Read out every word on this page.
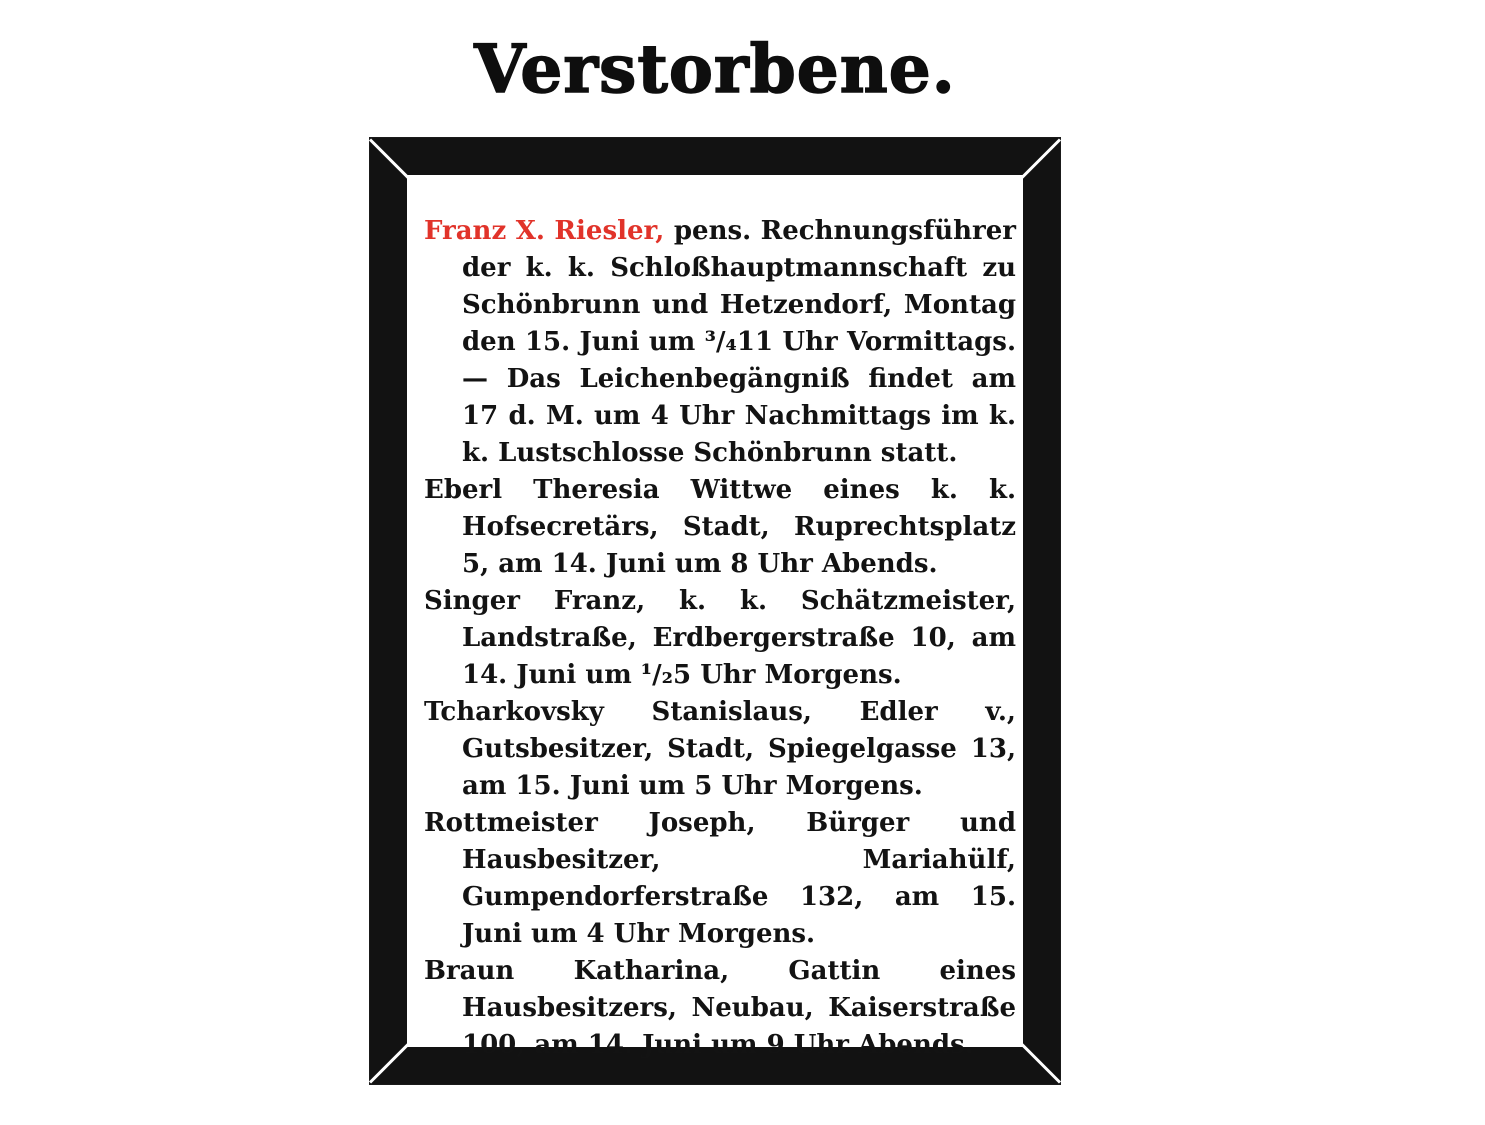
Verstorbene.
Franz X. Riesler, pens. Rechnungsführer der k. k. Schloßhauptmannschaft zu Schönbrunn und Hetzendorf, Montag den 15. Juni um ³/₄11 Uhr Vormittags. — Das Leichenbegängniß findet am 17 d. M. um 4 Uhr Nachmittags im k. k. Lustschlosse Schönbrunn statt.
Eberl Theresia Wittwe eines k. k. Hofsecretärs, Stadt, Ruprechtsplatz 5, am 14. Juni um 8 Uhr Abends.
Singer Franz, k. k. Schätzmeister, Landstraße, Erdbergerstraße 10, am 14. Juni um ¹/₂5 Uhr Morgens.
Tcharkovsky Stanislaus, Edler v., Gutsbesitzer, Stadt, Spiegelgasse 13, am 15. Juni um 5 Uhr Morgens.
Rottmeister Joseph, Bürger und Hausbesitzer, Mariahülf, Gumpendorferstraße 132, am 15. Juni um 4 Uhr Morgens.
Braun Katharina, Gattin eines Hausbesitzers, Neubau, Kaiserstraße 100, am 14. Juni um 9 Uhr Abends.
